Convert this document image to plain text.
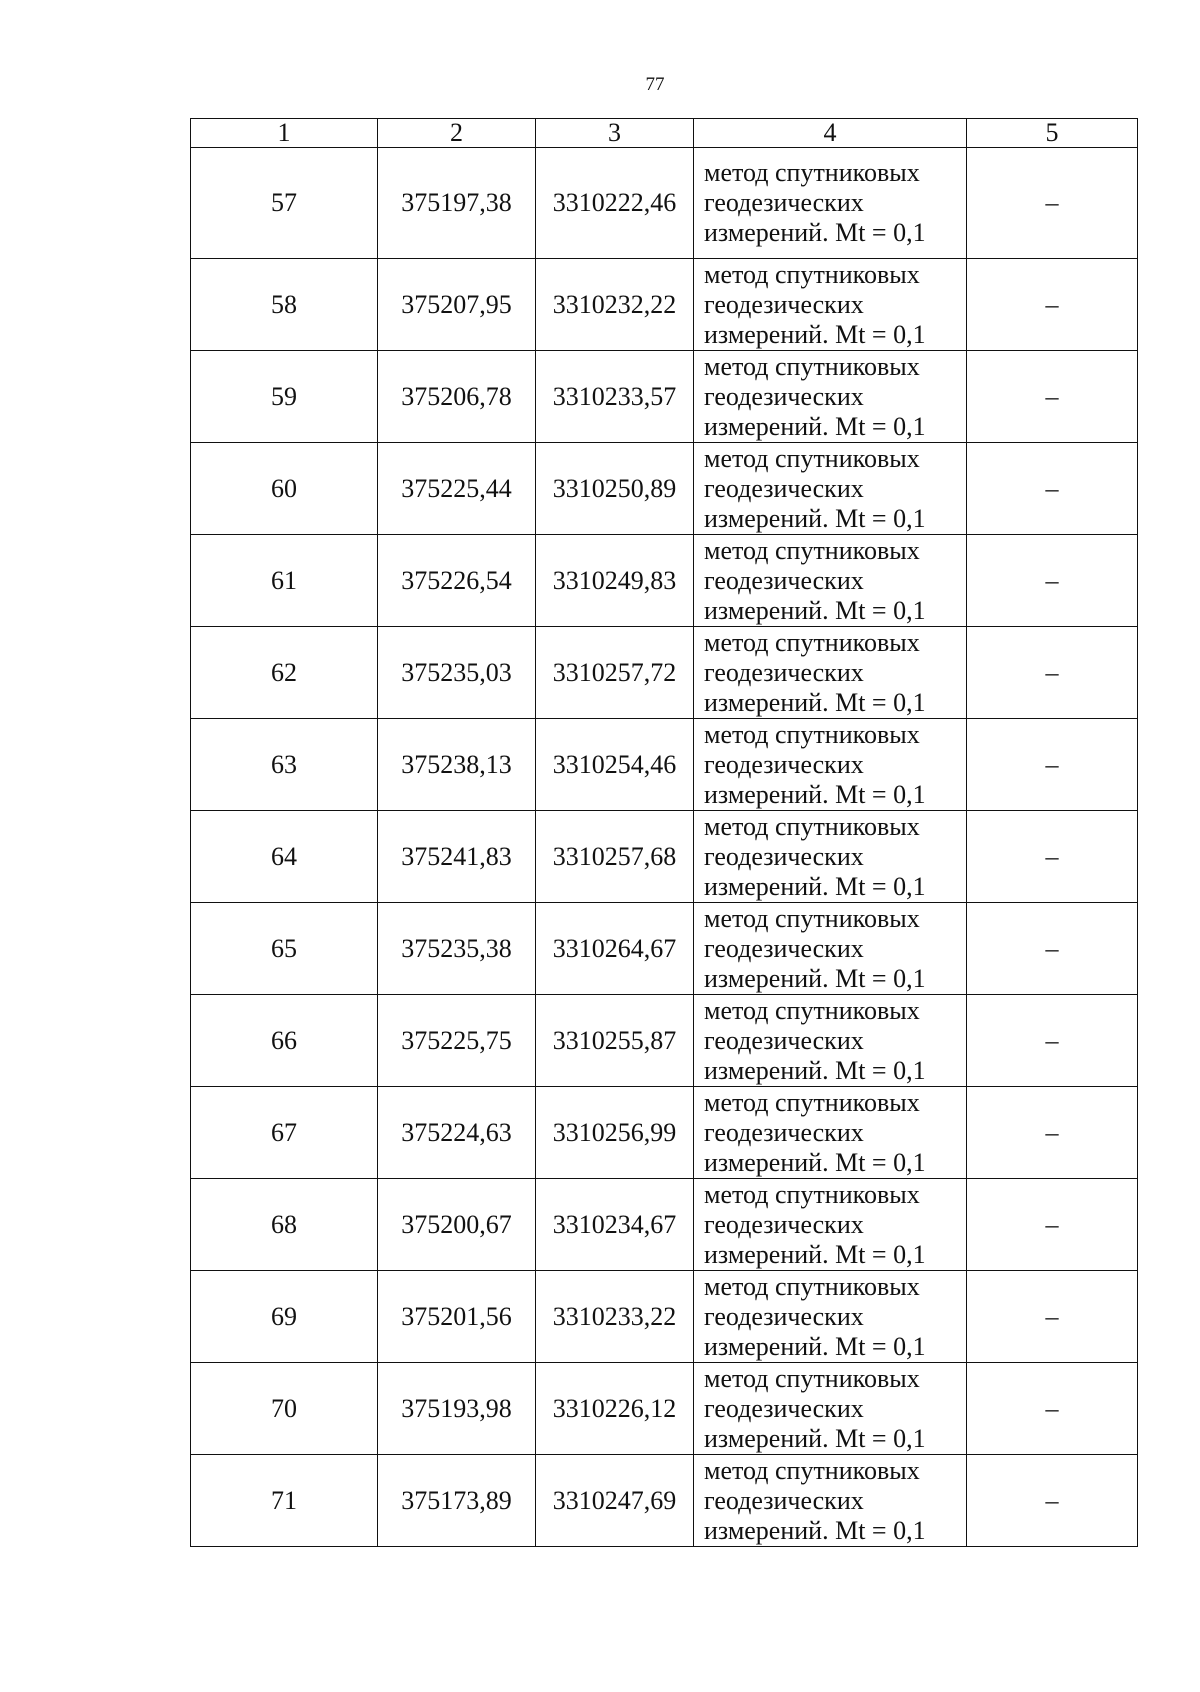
77
1	2	3	4	5
57	375197,38	3310222,46	метод спутниковых
геодезических
измерений. Mt = 0,1	–
58	375207,95	3310232,22	метод спутниковых
геодезических
измерений. Mt = 0,1	–
59	375206,78	3310233,57	метод спутниковых
геодезических
измерений. Mt = 0,1	–
60	375225,44	3310250,89	метод спутниковых
геодезических
измерений. Mt = 0,1	–
61	375226,54	3310249,83	метод спутниковых
геодезических
измерений. Mt = 0,1	–
62	375235,03	3310257,72	метод спутниковых
геодезических
измерений. Mt = 0,1	–
63	375238,13	3310254,46	метод спутниковых
геодезических
измерений. Mt = 0,1	–
64	375241,83	3310257,68	метод спутниковых
геодезических
измерений. Mt = 0,1	–
65	375235,38	3310264,67	метод спутниковых
геодезических
измерений. Mt = 0,1	–
66	375225,75	3310255,87	метод спутниковых
геодезических
измерений. Mt = 0,1	–
67	375224,63	3310256,99	метод спутниковых
геодезических
измерений. Mt = 0,1	–
68	375200,67	3310234,67	метод спутниковых
геодезических
измерений. Mt = 0,1	–
69	375201,56	3310233,22	метод спутниковых
геодезических
измерений. Mt = 0,1	–
70	375193,98	3310226,12	метод спутниковых
геодезических
измерений. Mt = 0,1	–
71	375173,89	3310247,69	метод спутниковых
геодезических
измерений. Mt = 0,1	–
